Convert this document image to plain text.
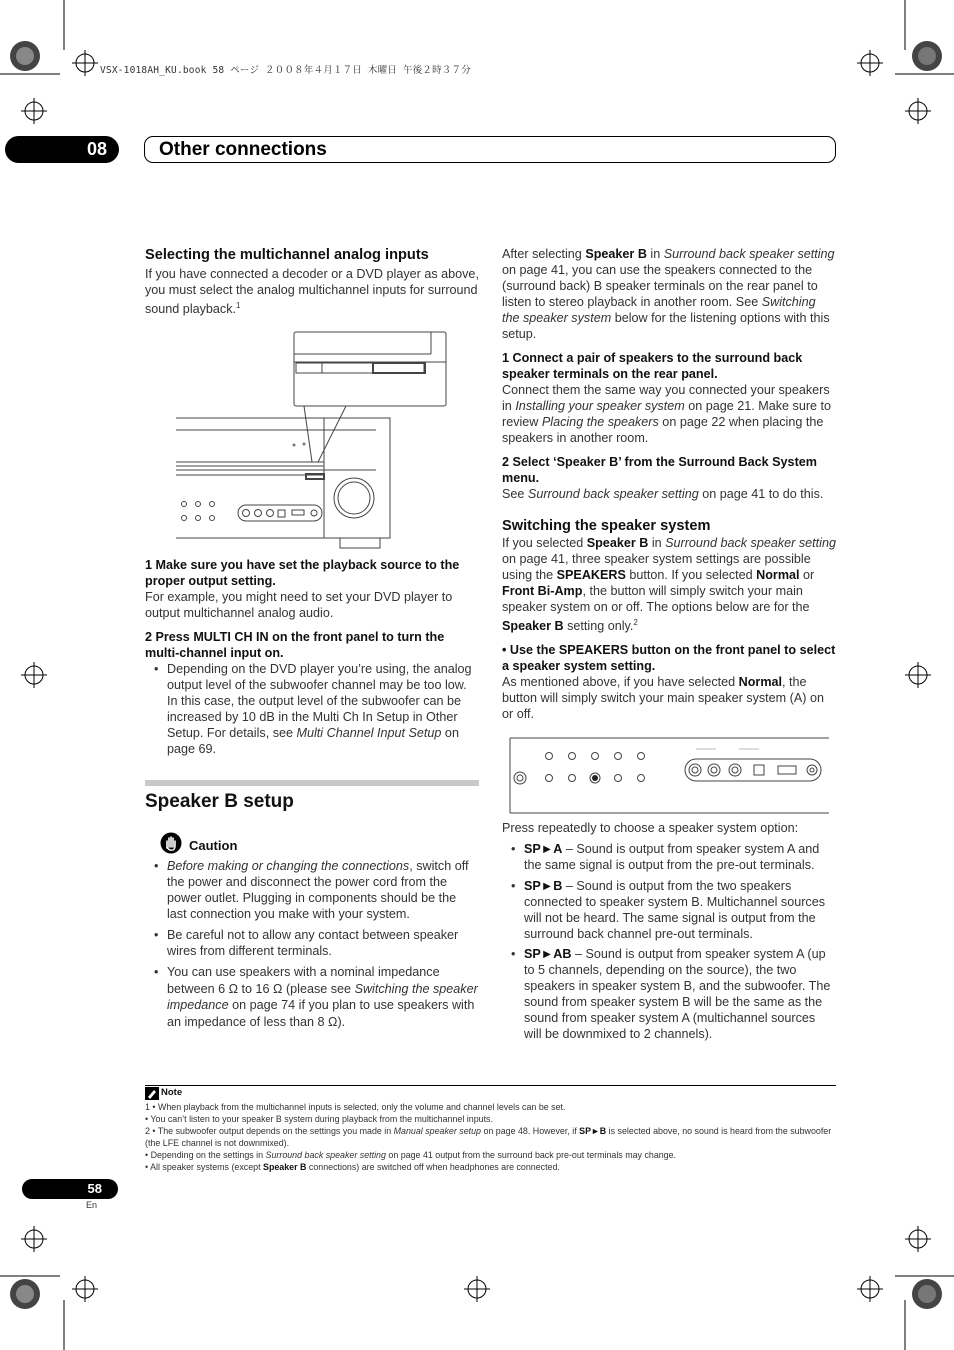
VSX-1018AH_KU.book 58 ページ ２００８年４月１７日 木曜日 午後２時３７分
08	Other connections
Selecting the multichannel analog inputs

If you have connected a decoder or a DVD player as above, you must select the analog multichannel inputs for surround sound playback.$^1$

1 Make sure you have set the playback source to the proper output setting.

For example, you might need to set your DVD player to output multichannel analog audio.

2 Press MULTI CH IN on the front panel to turn the multi-channel input on.

• Depending on the DVD player you’re using, the analog output level of the subwoofer channel may be too low. In this case, the output level of the subwoofer can be increased by 10 dB in the Multi Ch In Setup in Other Setup. For details, see Multi Channel Input Setup on page 69.
Speaker B setup
Caution
• Before making or changing the connections, switch off the power and disconnect the power cord from the power outlet. Plugging in components should be the last connection you make with your system.
• Be careful not to allow any contact between speaker wires from different terminals.
• You can use speakers with a nominal impedance between 6 Ω to 16 Ω (please see Switching the speaker impedance on page 74 if you plan to use speakers with an impedance of less than 8 Ω).

After selecting Speaker B in Surround back speaker setting on page 41, you can use the speakers connected to the (surround back) B speaker terminals on the rear panel to listen to stereo playback in another room. See Switching the speaker system below for the listening options with this setup.

1 Connect a pair of speakers to the surround back speaker terminals on the rear panel.

Connect them the same way you connected your speakers in Installing your speaker system on page 21. Make sure to review Placing the speakers on page 22 when placing the speakers in another room.

2 Select ‘Speaker B’ from the Surround Back System menu.

See Surround back speaker setting on page 41 to do this.

Switching the speaker system

If you selected Speaker B in Surround back speaker setting on page 41, three speaker system settings are possible using the SPEAKERS button. If you selected Normal or Front Bi-Amp, the button will simply switch your main speaker system on or off. The options below are for the Speaker B setting only.$^2$

• Use the SPEAKERS button on the front panel to select a speaker system setting.

As mentioned above, if you have selected Normal, the button will simply switch your main speaker system (A) on or off.

Press repeatedly to choose a speaker system option:

• SP►A – Sound is output from speaker system A and the same signal is output from the pre-out terminals.
• SP►B – Sound is output from the two speakers connected to speaker system B. Multichannel sources will not be heard. The same signal is output from the surround back channel pre-out terminals.
• SP►AB – Sound is output from speaker system A (up to 5 channels, depending on the source), the two speakers in speaker system B, and the subwoofer. The sound from speaker system B will be the same as the sound from speaker system A (multichannel sources will be downmixed to 2 channels).
Note

1 • When playback from the multichannel inputs is selected, only the volume and channel levels can be set.

• You can’t listen to your speaker B system during playback from the multichannel inputs.

2 • The subwoofer output depends on the settings you made in Manual speaker setup on page 48. However, if SP►B is selected above, no sound is heard from the subwoofer (the LFE channel is not downmixed).

• Depending on the settings in Surround back speaker setting on page 41 output from the surround back pre-out terminals may change.

• All speaker systems (except Speaker B connections) are switched off when headphones are connected.

58
En
